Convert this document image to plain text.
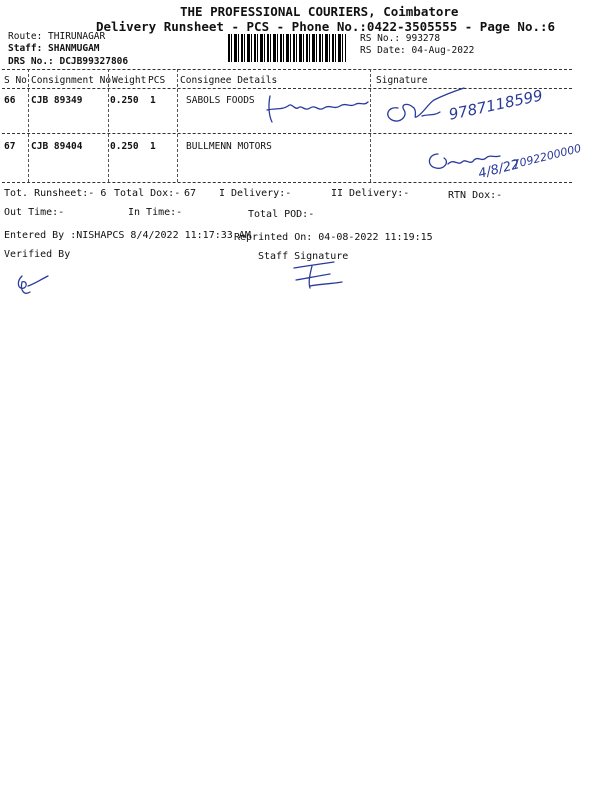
THE PROFESSIONAL COURIERS, Coimbatore
Delivery Runsheet - PCS - Phone No.:0422-3505555 - Page No.:6
Route: THIRUNAGAR
Staff: SHANMUGAM
DRS No.: DCJB99327806
RS No.: 993278
RS Date: 04-Aug-2022
S No Consignment No Weight PCS Consignee Details	Signature
66 CJB 89349	0.250 1	SABOLS FOODS
67 CJB 89404	0.250 1	BULLMENN MOTORS
9787118599
4/8/22
7092200000
Tot. Runsheet:- 6 Total Dox:- 67 I Delivery:-	II Delivery:-	RTN Dox:-
Out Time:-	In Time:-	Total POD:-
Entered By :NISHAPCS 8/4/2022 11:17:33 AM
Reprinted On: 04-08-2022 11:19:15
Verified By	Staff Signature
